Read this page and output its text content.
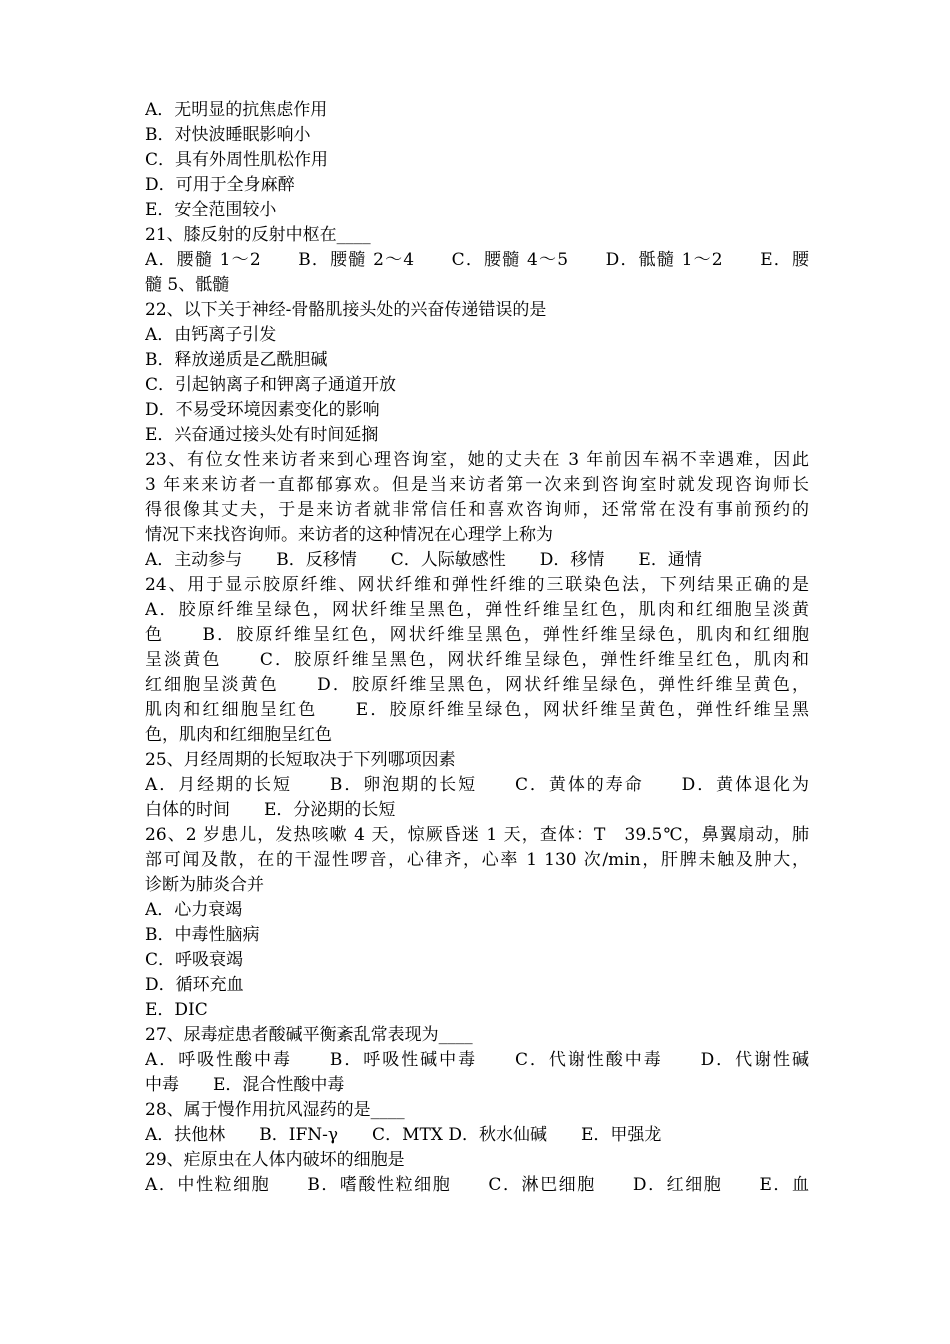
A．无明显的抗焦虑作用
B．对快波睡眠影响小
C．具有外周性肌松作用
D．可用于全身麻醉
E．安全范围较小
21、膝反射的反射中枢在____
A．腰髓 1～2　　B．腰髓 2～4　　C．腰髓 4～5　　D．骶髓 1～2　　E．腰
髓 5、骶髓
22、以下关于神经-骨骼肌接头处的兴奋传递错误的是
A．由钙离子引发
B．释放递质是乙酰胆碱
C．引起钠离子和钾离子通道开放
D．不易受环境因素变化的影响
E．兴奋通过接头处有时间延搁
23、有位女性来访者来到心理咨询室，她的丈夫在 3 年前因车祸不幸遇难，因此
3 年来来访者一直都郁寡欢。但是当来访者第一次来到咨询室时就发现咨询师长
得很像其丈夫，于是来访者就非常信任和喜欢咨询师，还常常在没有事前预约的
情况下来找咨询师。来访者的这种情况在心理学上称为
A．主动参与　　B．反移情　　C．人际敏感性　　D．移情　　E．通情
24、用于显示胶原纤维、网状纤维和弹性纤维的三联染色法，下列结果正确的是
A．胶原纤维呈绿色，网状纤维呈黑色，弹性纤维呈红色，肌肉和红细胞呈淡黄
色　　B．胶原纤维呈红色，网状纤维呈黑色，弹性纤维呈绿色，肌肉和红细胞
呈淡黄色　　C．胶原纤维呈黑色，网状纤维呈绿色，弹性纤维呈红色，肌肉和
红细胞呈淡黄色　　D．胶原纤维呈黑色，网状纤维呈绿色，弹性纤维呈黄色，
肌肉和红细胞呈红色　　E．胶原纤维呈绿色，网状纤维呈黄色，弹性纤维呈黑
色，肌肉和红细胞呈红色
25、月经周期的长短取决于下列哪项因素
A．月经期的长短　　B．卵泡期的长短　　C．黄体的寿命　　D．黄体退化为
白体的时间　　E．分泌期的长短
26、2 岁患儿，发热咳嗽 4 天，惊厥昏迷 1 天，查体：T　39.5℃，鼻翼扇动，肺
部可闻及散，在的干湿性啰音，心律齐，心率 1 130 次/min，肝脾未触及肿大，
诊断为肺炎合并
A．心力衰竭
B．中毒性脑病
C．呼吸衰竭
D．循环充血
E．DIC
27、尿毒症患者酸碱平衡紊乱常表现为____
A．呼吸性酸中毒　　B．呼吸性碱中毒　　C．代谢性酸中毒　　D．代谢性碱
中毒　　E．混合性酸中毒
28、属于慢作用抗风湿药的是____
A．扶他林　　B．IFN-γ　　C．MTX D．秋水仙碱　　E．甲强龙
29、疟原虫在人体内破坏的细胞是
A．中性粒细胞　　B．嗜酸性粒细胞　　C．淋巴细胞　　D．红细胞　　E．血
